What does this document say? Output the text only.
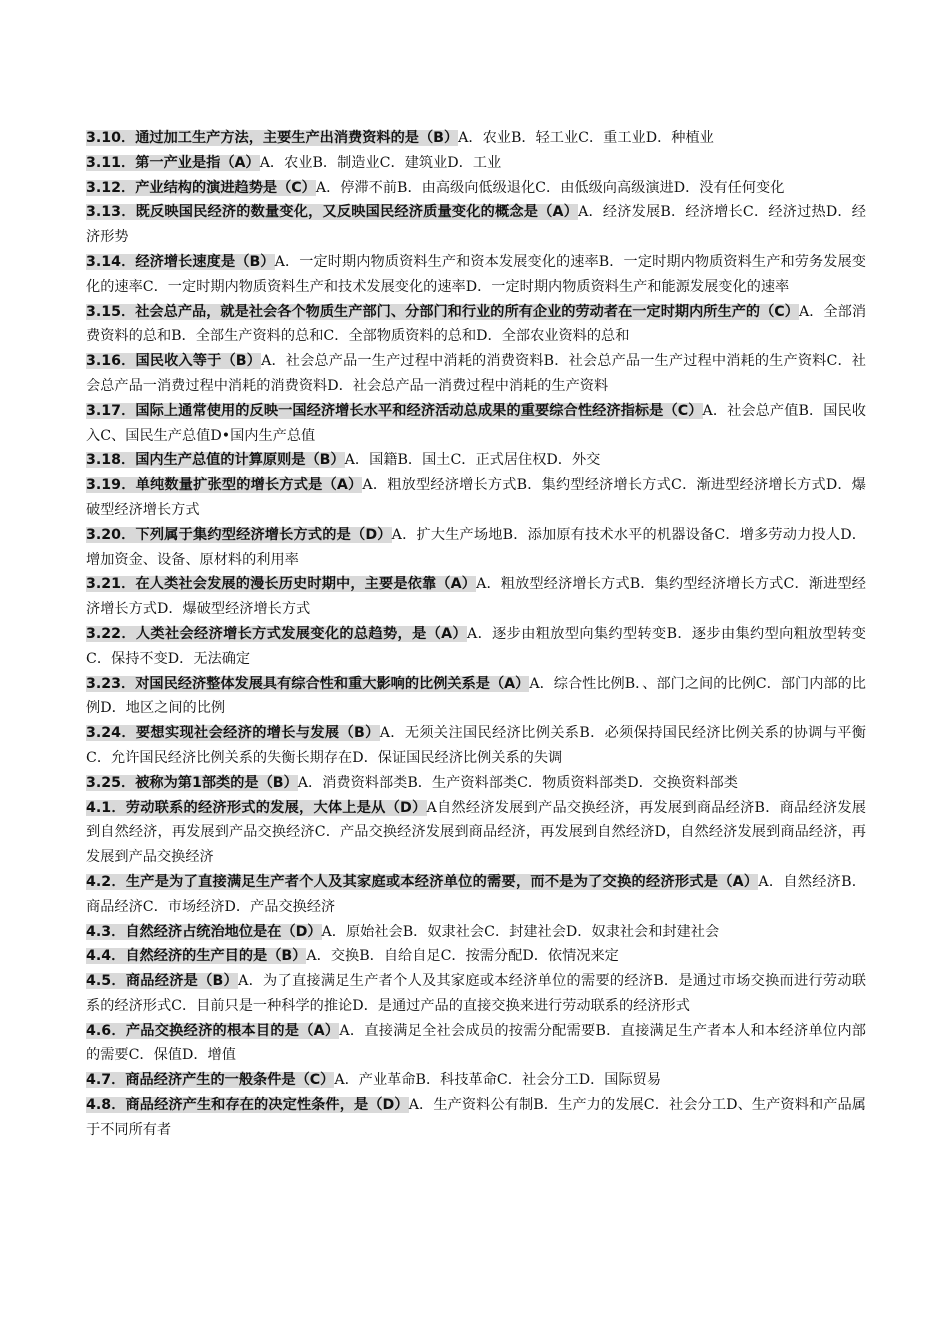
3.10．通过加工生产方法，主要生产出消费资料的是（B）A．农业B．轻工业C．重工业D．种植业

3.11．第一产业是指（A）A．农业B．制造业C．建筑业D．工业

3.12．产业结构的演进趋势是（C）A．停滞不前B．由高级向低级退化C．由低级向高级演进D．没有任何变化

3.13．既反映国民经济的数量变化，又反映国民经济质量变化的概念是（A）A．经济发展B．经济增长C．经济过热D．经济形势

3.14．经济增长速度是（B）A．一定时期内物质资料生产和资本发展变化的速率B．一定时期内物质资料生产和劳务发展变化的速率C．一定时期内物质资料生产和技术发展变化的速率D．一定时期内物质资料生产和能源发展变化的速率

3.15．社会总产品，就是社会各个物质生产部门、分部门和行业的所有企业的劳动者在一定时期内所生产的（C）A．全部消费资料的总和B．全部生产资料的总和C．全部物质资料的总和D．全部农业资料的总和

3.16．国民收入等于（B）A．社会总产品一生产过程中消耗的消费资料B．社会总产品一生产过程中消耗的生产资料C．社会总产品一消费过程中消耗的消费资料D．社会总产品一消费过程中消耗的生产资料

3.17．国际上通常使用的反映一国经济增长水平和经济活动总成果的重要综合性经济指标是（C）A．社会总产值B．国民收入C、国民生产总值D•国内生产总值

3.18．国内生产总值的计算原则是（B）A．国籍B．国土C．正式居住权D．外交

3.19．单纯数量扩张型的增长方式是（A）A．粗放型经济增长方式B．集约型经济增长方式C．渐进型经济增长方式D．爆破型经济增长方式

3.20．下列属于集约型经济增长方式的是（D）A．扩大生产场地B．添加原有技术水平的机器设备C．增多劳动力投人D．增加资金、设备、原材料的利用率

3.21．在人类社会发展的漫长历史时期中，主要是依靠（A）A．粗放型经济增长方式B．集约型经济增长方式C．渐进型经济增长方式D．爆破型经济增长方式

3.22．人类社会经济增长方式发展变化的总趋势，是（A）A．逐步由粗放型向集约型转变B．逐步由集约型向粗放型转变C．保持不变D．无法确定

3.23．对国民经济整体发展具有综合性和重大影响的比例关系是（A）A．综合性比例B．、部门之间的比例C．部门内部的比例D．地区之间的比例

3.24．要想实现社会经济的增长与发展（B）A．无须关注国民经济比例关系B．必须保持国民经济比例关系的协调与平衡C．允许国民经济比例关系的失衡长期存在D．保证国民经济比例关系的失调

3.25．被称为第1部类的是（B）A．消费资料部类B．生产资料部类C．物质资料部类D．交换资料部类

4.1．劳动联系的经济形式的发展，大体上是从（D）A自然经济发展到产品交换经济，再发展到商品经济B．商品经济发展到自然经济，再发展到产品交换经济C．产品交换经济发展到商品经济，再发展到自然经济D，自然经济发展到商品经济，再发展到产品交换经济

4.2．生产是为了直接满足生产者个人及其家庭或本经济单位的需要，而不是为了交换的经济形式是（A）A．自然经济B．商品经济C．市场经济D．产品交换经济

4.3．自然经济占统治地位是在（D）A．原始社会B．奴隶社会C．封建社会D．奴隶社会和封建社会

4.4．自然经济的生产目的是（B）A．交换B．自给自足C．按需分配D．依情况来定

4.5．商品经济是（B）A．为了直接满足生产者个人及其家庭或本经济单位的需要的经济B．是通过市场交换而进行劳动联系的经济形式C．目前只是一种科学的推论D．是通过产品的直接交换来进行劳动联系的经济形式

4.6．产品交换经济的根本目的是（A）A．直接满足全社会成员的按需分配需要B．直接满足生产者本人和本经济单位内部的需要C．保值D．增值

4.7．商品经济产生的一般条件是（C）A．产业革命B．科技革命C．社会分工D．国际贸易

4.8．商品经济产生和存在的决定性条件，是（D）A．生产资料公有制B．生产力的发展C．社会分工D、生产资料和产品属于不同所有者
